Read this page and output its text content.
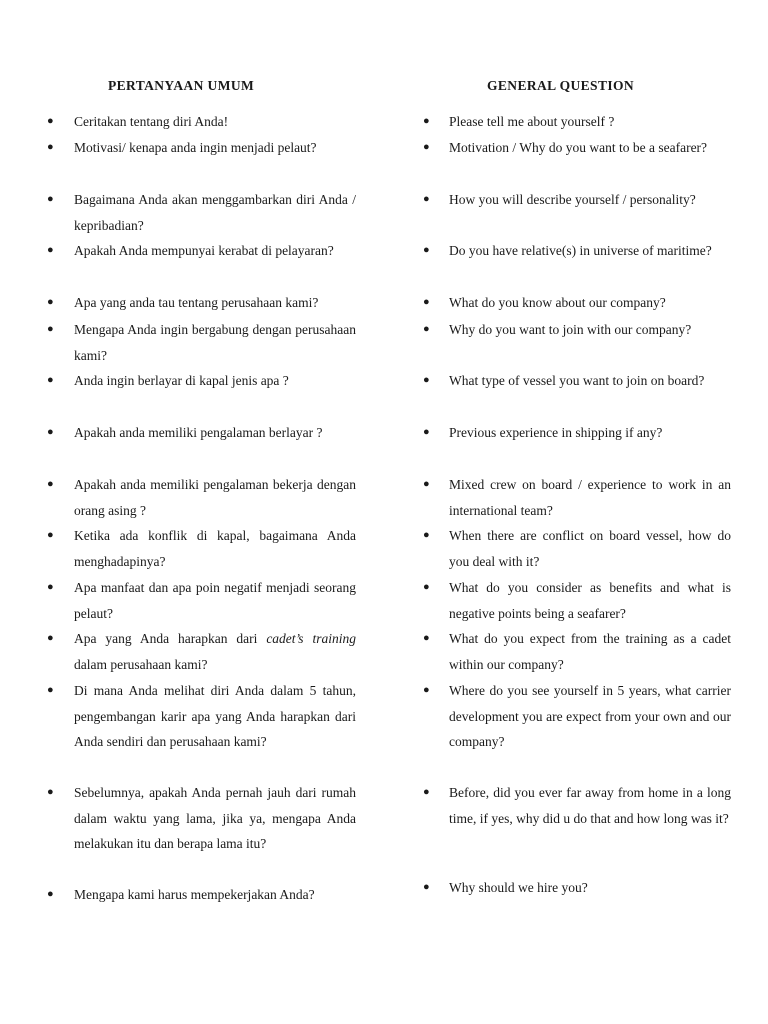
PERTANYAAN UMUM	GENERAL QUESTION
● Ceritakan tentang diri Anda!
● Motivasi/ kenapa anda ingin menjadi pelaut?
● Bagaimana Anda akan menggambarkan diri Anda / kepribadian?
● Apakah Anda mempunyai kerabat di pelayaran?
● Apa yang anda tau tentang perusahaan kami?
● Mengapa Anda ingin bergabung dengan perusahaan kami?
● Anda ingin berlayar di kapal jenis apa ?
● Apakah anda memiliki pengalaman berlayar ?
● Apakah anda memiliki pengalaman bekerja dengan orang asing ?
● Ketika ada konflik di kapal, bagaimana Anda menghadapinya?
● Apa manfaat dan apa poin negatif menjadi seorang pelaut?
● Apa yang Anda harapkan dari cadet’s training dalam perusahaan kami?
● Di mana Anda melihat diri Anda dalam 5 tahun, pengembangan karir apa yang Anda harapkan dari Anda sendiri dan perusahaan kami?
● Sebelumnya, apakah Anda pernah jauh dari rumah dalam waktu yang lama, jika ya, mengapa Anda melakukan itu dan berapa lama itu?
● Mengapa kami harus mempekerjakan Anda?
● Please tell me about yourself ?
● Motivation / Why do you want to be a seafarer?
● How you will describe yourself / personality?
● Do you have relative(s) in universe of maritime?
● What do you know about our company?
● Why do you want to join with our company?
● What type of vessel you want to join on board?
● Previous experience in shipping if any?
● Mixed crew on board / experience to work in an international team?
● When there are conflict on board vessel, how do you deal with it?
● What do you consider as benefits and what is negative points being a seafarer?
● What do you expect from the training as a cadet within our company?
● Where do you see yourself in 5 years, what carrier development you are expect from your own and our company?
● Before, did you ever far away from home in a long time, if yes, why did u do that and how long was it?
● Why should we hire you?
